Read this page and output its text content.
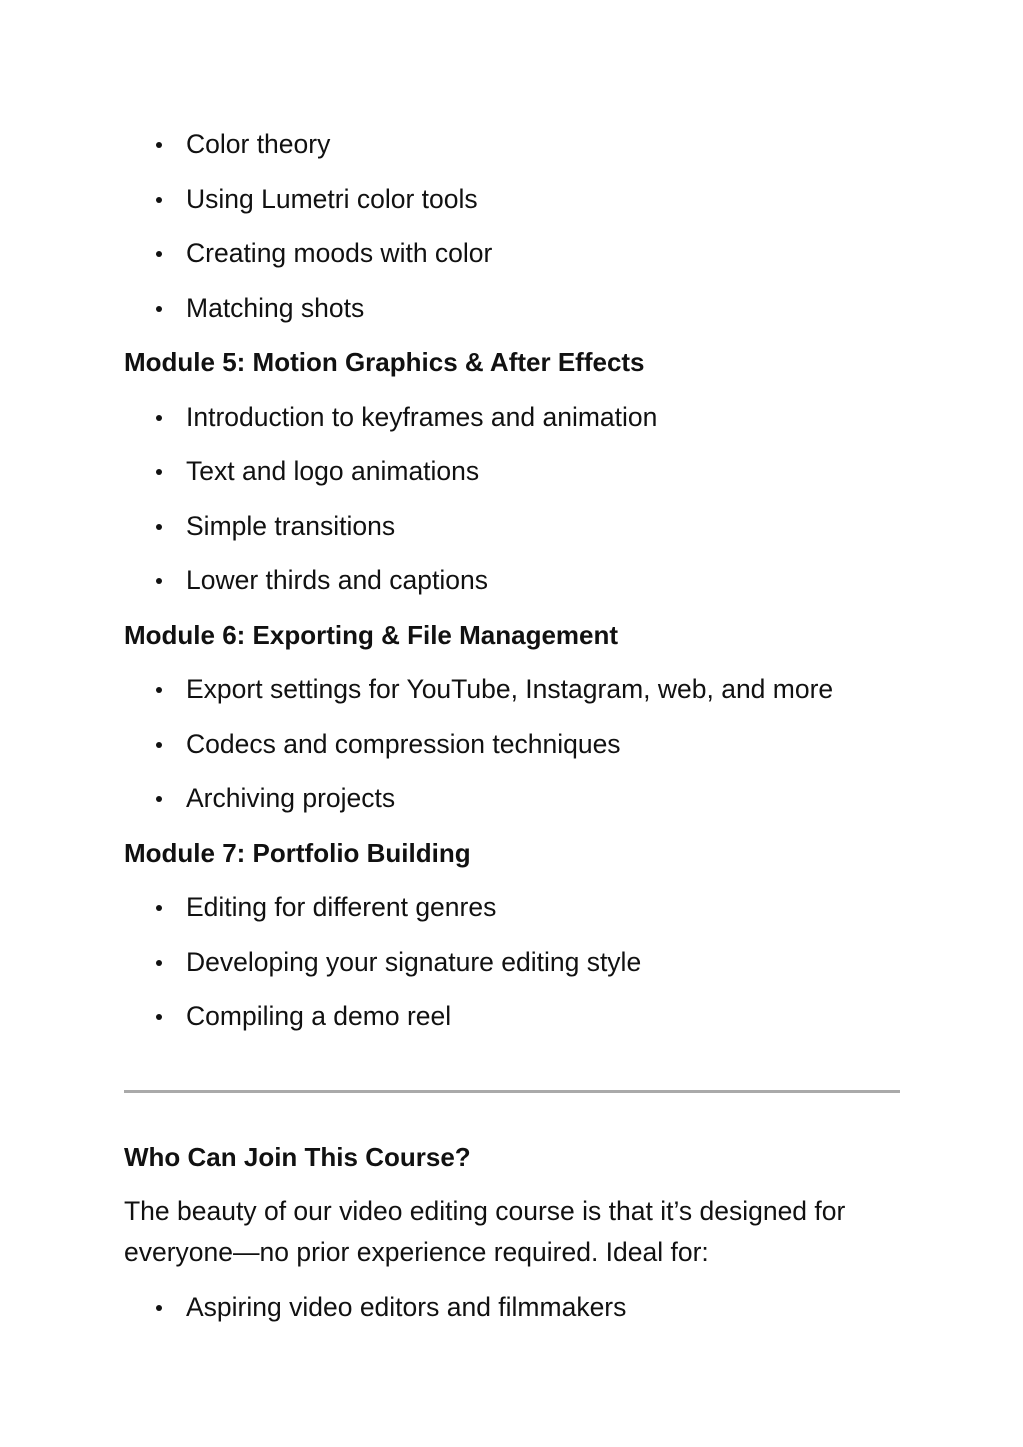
Color theory
Using Lumetri color tools
Creating moods with color
Matching shots
Module 5: Motion Graphics & After Effects
Introduction to keyframes and animation
Text and logo animations
Simple transitions
Lower thirds and captions
Module 6: Exporting & File Management
Export settings for YouTube, Instagram, web, and more
Codecs and compression techniques
Archiving projects
Module 7: Portfolio Building
Editing for different genres
Developing your signature editing style
Compiling a demo reel
Who Can Join This Course?

The beauty of our video editing course is that it’s designed for everyone—no prior experience required. Ideal for:

Aspiring video editors and filmmakers
